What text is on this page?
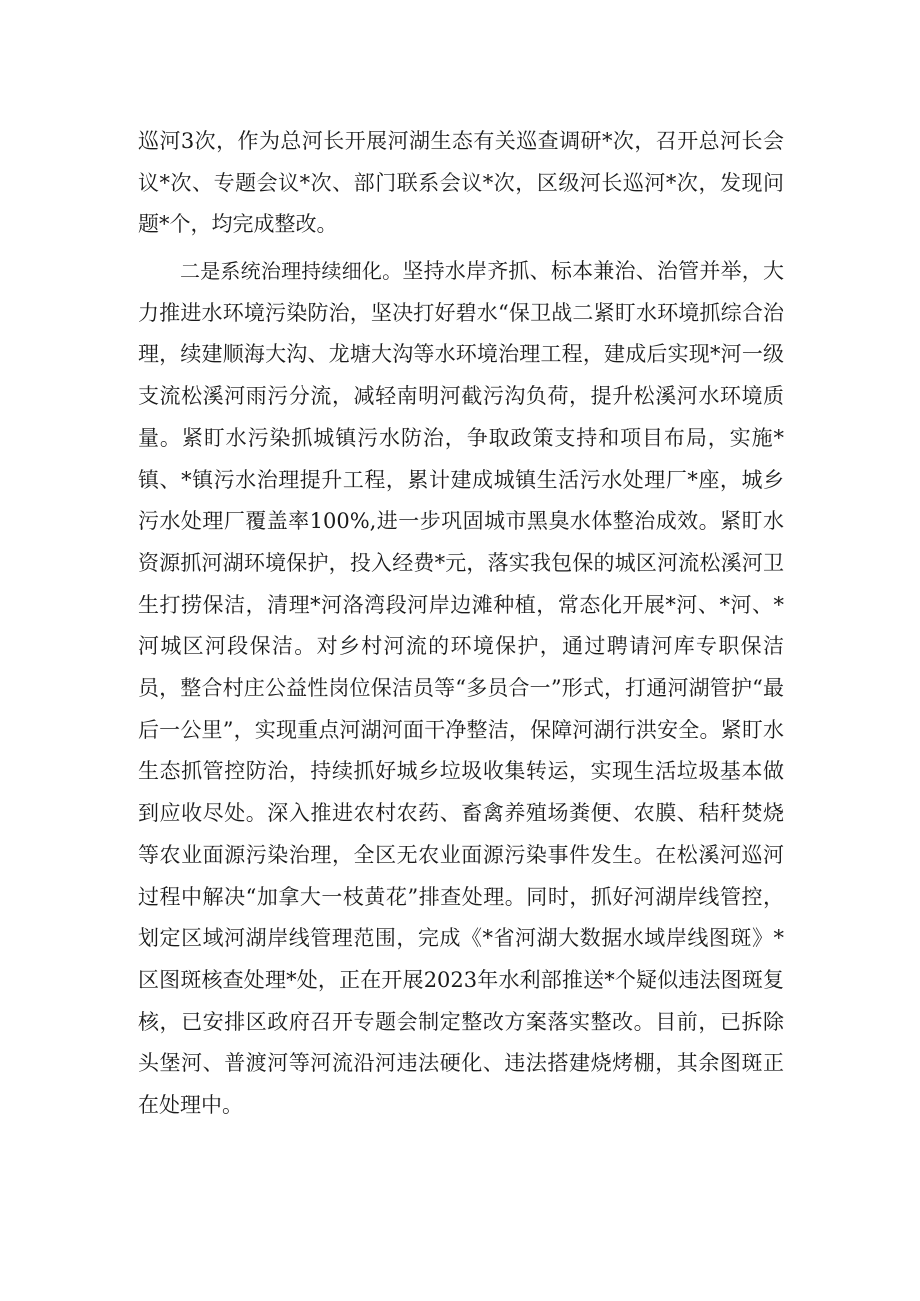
巡河3次，作为总河长开展河湖生态有关巡查调研*次，召开总河长会议*次、专题会议*次、部门联系会议*次，区级河长巡河*次，发现问题*个，均完成整改。

二是系统治理持续细化。坚持水岸齐抓、标本兼治、治管并举，大力推进水环境污染防治，坚决打好碧水“保卫战二紧盯水环境抓综合治理，续建顺海大沟、龙塘大沟等水环境治理工程，建成后实现*河一级支流松溪河雨污分流，减轻南明河截污沟负荷，提升松溪河水环境质量。紧盯水污染抓城镇污水防治，争取政策支持和项目布局，实施*镇、*镇污水治理提升工程，累计建成城镇生活污水处理厂*座，城乡污水处理厂覆盖率100%,进一步巩固城市黑臭水体整治成效。紧盯水资源抓河湖环境保护，投入经费*元，落实我包保的城区河流松溪河卫生打捞保洁，清理*河洛湾段河岸边滩种植，常态化开展*河、*河、*河城区河段保洁。对乡村河流的环境保护，通过聘请河库专职保洁员，整合村庄公益性岗位保洁员等“多员合一”形式，打通河湖管护“最后一公里”，实现重点河湖河面干净整洁，保障河湖行洪安全。紧盯水生态抓管控防治，持续抓好城乡垃圾收集转运，实现生活垃圾基本做到应收尽处。深入推进农村农药、畜禽养殖场粪便、农膜、秸秆焚烧等农业面源污染治理，全区无农业面源污染事件发生。在松溪河巡河过程中解决“加拿大一枝黄花”排查处理。同时，抓好河湖岸线管控，划定区域河湖岸线管理范围，完成《*省河湖大数据水域岸线图斑》*区图斑核查处理*处，正在开展2023年水利部推送*个疑似违法图斑复核，已安排区政府召开专题会制定整改方案落实整改。目前，已拆除头堡河、普渡河等河流沿河违法硬化、违法搭建烧烤棚，其余图斑正在处理中。
